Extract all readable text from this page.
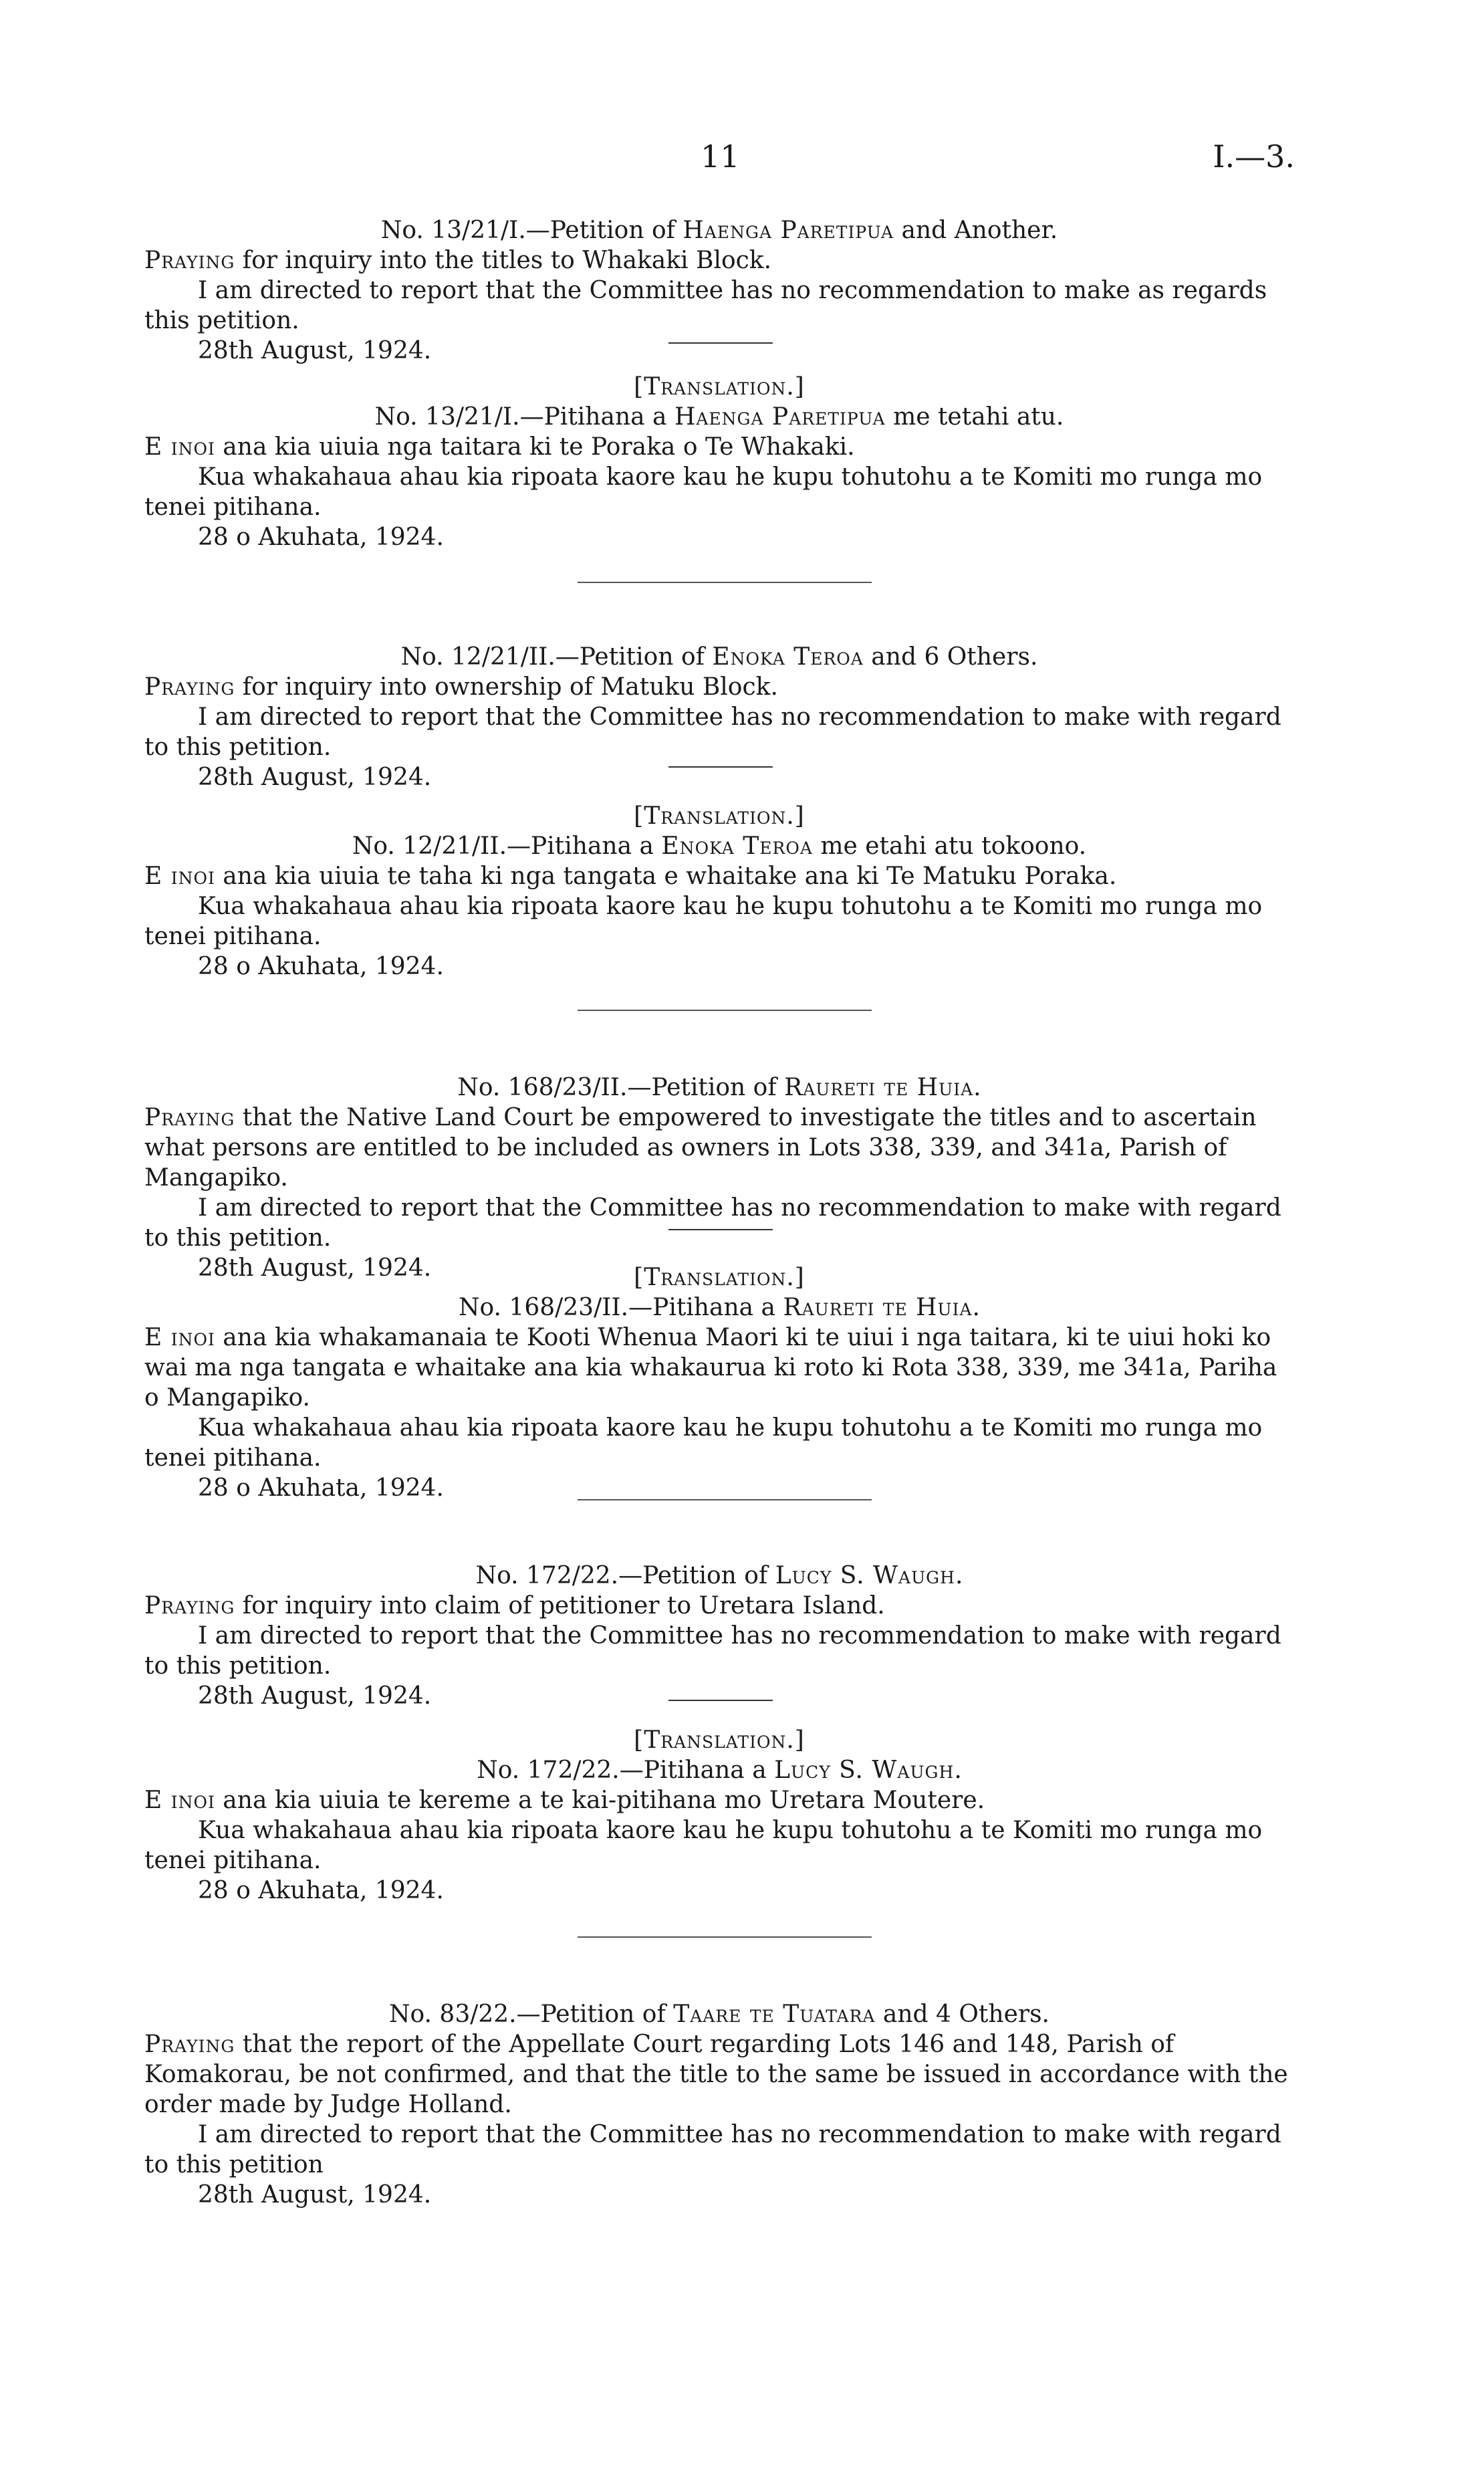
11	I.—3.
No. 13/21/I.—Petition of Haenga Paretipua and Another.

Praying for inquiry into the titles to Whakaki Block.

I am directed to report that the Committee has no recommendation to make as regards this petition.

28th August, 1924.
[Translation.]
No. 13/21/I.—Pitihana a Haenga Paretipua me tetahi atu.

E inoi ana kia uiuia nga taitara ki te Poraka o Te Whakaki.

Kua whakahaua ahau kia ripoata kaore kau he kupu tohutohu a te Komiti mo runga mo tenei pitihana.

28 o Akuhata, 1924.
No. 12/21/II.—Petition of Enoka Teroa and 6 Others.

Praying for inquiry into ownership of Matuku Block.

I am directed to report that the Committee has no recommendation to make with regard to this petition.

28th August, 1924.
[Translation.]
No. 12/21/II.—Pitihana a Enoka Teroa me etahi atu tokoono.

E inoi ana kia uiuia te taha ki nga tangata e whaitake ana ki Te Matuku Poraka.

Kua whakahaua ahau kia ripoata kaore kau he kupu tohutohu a te Komiti mo runga mo tenei pitihana.

28 o Akuhata, 1924.
No. 168/23/II.—Petition of Raureti te Huia.

Praying that the Native Land Court be empowered to investigate the titles and to ascertain what persons are entitled to be included as owners in Lots 338, 339, and 341a, Parish of Mangapiko.

I am directed to report that the Committee has no recommendation to make with regard to this petition.

28th August, 1924.	[Translation.]
No. 168/23/II.—Pitihana a Raureti te Huia.

E inoi ana kia whakamanaia te Kooti Whenua Maori ki te uiui i nga taitara, ki te uiui hoki ko wai ma nga tangata e whaitake ana kia whakaurua ki roto ki Rota 338, 339, me 341a, Pariha o Mangapiko.

Kua whakahaua ahau kia ripoata kaore kau he kupu tohutohu a te Komiti mo runga mo tenei pitihana.

28 o Akuhata, 1924.
No. 172/22.—Petition of Lucy S. Waugh.

Praying for inquiry into claim of petitioner to Uretara Island.

I am directed to report that the Committee has no recommendation to make with regard to this petition.

28th August, 1924.
[Translation.]
No. 172/22.—Pitihana a Lucy S. Waugh.

E inoi ana kia uiuia te kereme a te kai-pitihana mo Uretara Moutere.

Kua whakahaua ahau kia ripoata kaore kau he kupu tohutohu a te Komiti mo runga mo tenei pitihana.

28 o Akuhata, 1924.
No. 83/22.—Petition of Taare te Tuatara and 4 Others.

Praying that the report of the Appellate Court regarding Lots 146 and 148, Parish of Komakorau, be not confirmed, and that the title to the same be issued in accordance with the order made by Judge Holland.

I am directed to report that the Committee has no recommendation to make with regard to this petition

28th August, 1924.
